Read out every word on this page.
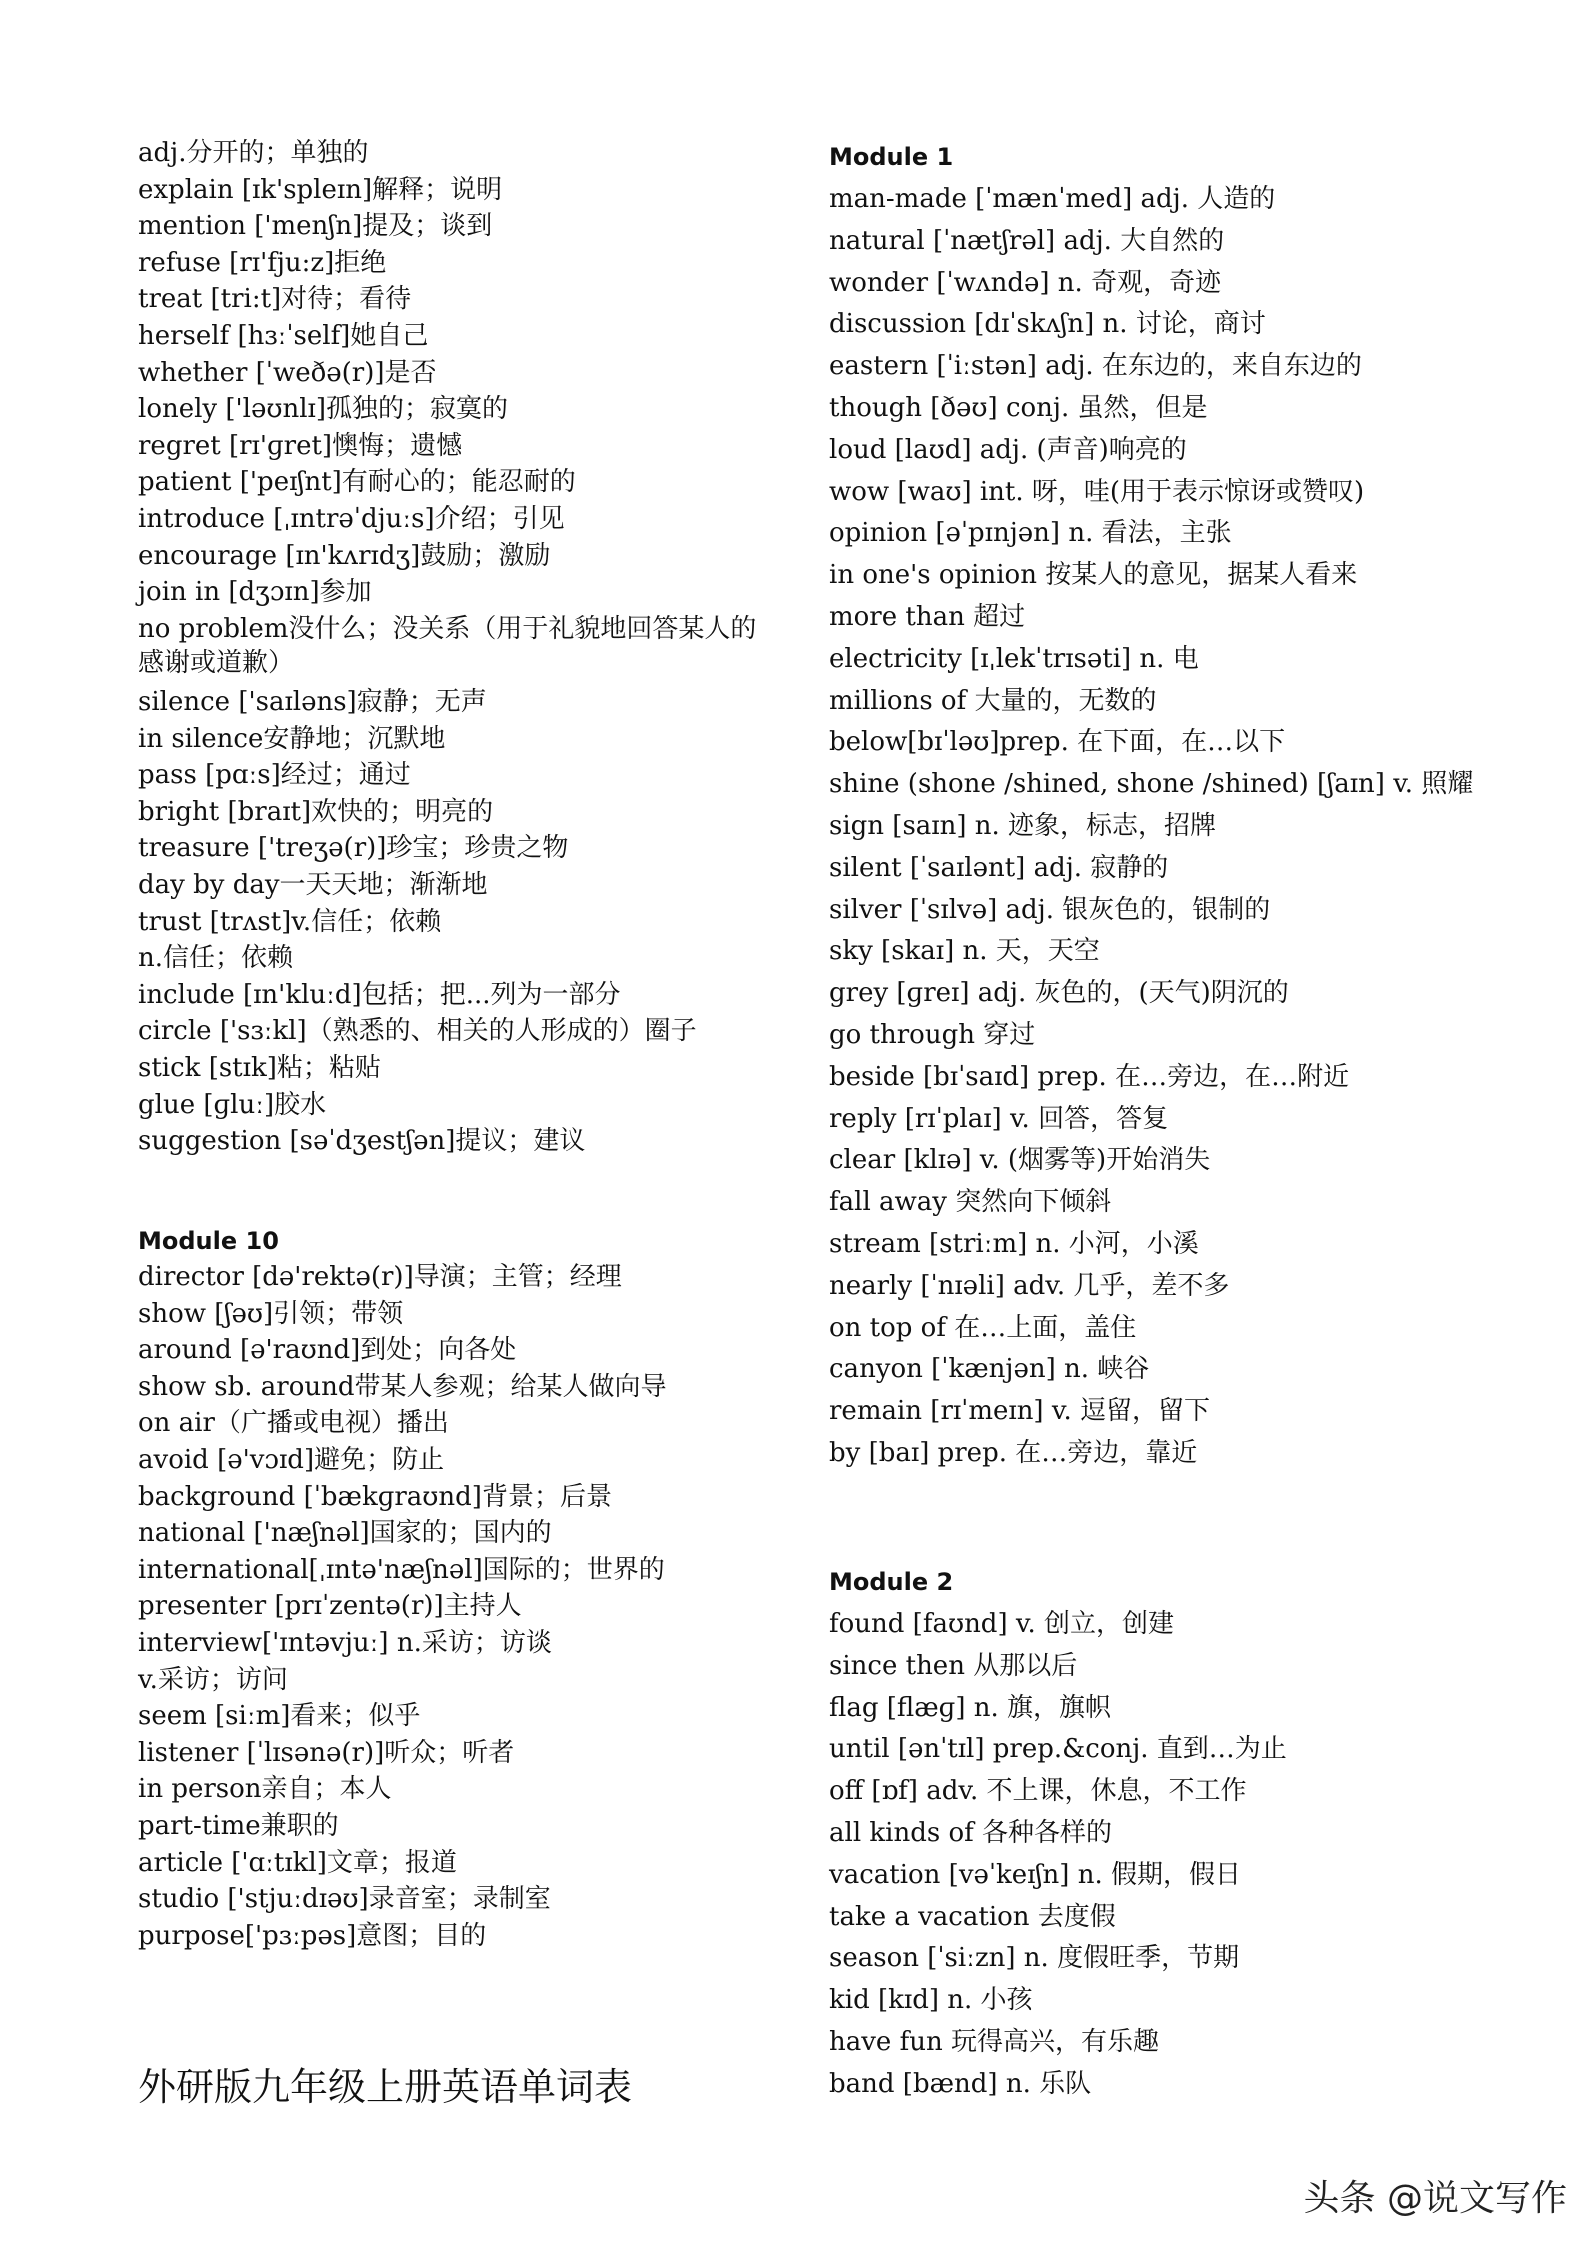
adj.分开的；单独的
explain [ɪk'spleɪn]解释；说明
mention ['menʃn]提及；谈到
refuse [rɪ'fju:z]拒绝
treat [tri:t]对待；看待
herself [hɜːˈself]她自己
whether [ˈweðə(r)]是否
lonely ['ləʊnlɪ]孤独的；寂寞的
regret [rɪ'ɡret]懊悔；遗憾
patient ['peɪʃnt]有耐心的；能忍耐的
introduce [ˌɪntrəˈdjuːs]介绍；引见
encourage [ɪn'kʌrɪdʒ]鼓励；激励
join in [dʒɔɪn]参加
no problem没什么；没关系（用于礼貌地回答某人的感谢或道歉）
silence ['saɪləns]寂静；无声
in silence安静地；沉默地
pass [pɑːs]经过；通过
bright [braɪt]欢快的；明亮的
treasure ['treʒə(r)]珍宝；珍贵之物
day by day一天天地；渐渐地
trust [trʌst]v.信任；依赖
n.信任；依赖
include [ɪn'kluːd]包括；把...列为一部分
circle ['sɜːkl]（熟悉的、相关的人形成的）圈子
stick [stɪk]粘；粘贴
glue [ɡluː]胶水
suggestion [səˈdʒestʃən]提议；建议
Module 10
director [də'rektə(r)]导演；主管；经理
show [ʃəʊ]引领；带领
around [ə'raʊnd]到处；向各处
show sb. around带某人参观；给某人做向导
on air（广播或电视）播出
avoid [ə'vɔɪd]避免；防止
background [ˈbækɡraʊnd]背景；后景
national ['næʃnəl]国家的；国内的
international[ˌɪntə'næʃnəl]国际的；世界的
presenter [prɪˈzentə(r)]主持人
interview['ɪntəvjuː] n.采访；访谈
v.采访；访问
seem [siːm]看来；似乎
listener [ˈlɪsənə(r)]听众；听者
in person亲自；本人
part-time兼职的
article ['ɑːtɪkl]文章；报道
studio ['stjuːdɪəʊ]录音室；录制室
purpose['pɜːpəs]意图；目的
Module 1
man-made [ˈmænˈmed] adj. 人造的
natural [ˈnætʃrəl] adj. 大自然的
wonder [ˈwʌndə] n. 奇观，奇迹
discussion [dɪˈskʌʃn] n. 讨论，商讨
eastern [ˈiːstən] adj. 在东边的，来自东边的
though [ðəʊ] conj. 虽然，但是
loud [laʊd] adj. (声音)响亮的
wow [waʊ] int. 呀，哇(用于表示惊讶或赞叹)
opinion [əˈpɪnjən] n. 看法，主张
in one's opinion 按某人的意见，据某人看来
more than 超过
electricity [ɪˌlekˈtrɪsəti] n. 电
millions of 大量的，无数的
below[bɪˈləʊ]prep. 在下面，在…以下
shine (shone /shined, shone /shined) [ʃaɪn] v. 照耀
sign [saɪn] n. 迹象，标志，招牌
silent [ˈsaɪlənt] adj. 寂静的
silver [ˈsɪlvə] adj. 银灰色的，银制的
sky [skaɪ] n. 天，天空
grey [ɡreɪ] adj. 灰色的，(天气)阴沉的
go through 穿过
beside [bɪˈsaɪd] prep. 在…旁边，在…附近
reply [rɪˈplaɪ] v. 回答，答复
clear [klɪə] v. (烟雾等)开始消失
fall away 突然向下倾斜
stream [striːm] n. 小河，小溪
nearly [ˈnɪəli] adv. 几乎，差不多
on top of 在…上面，盖住
canyon [ˈkænjən] n. 峡谷
remain [rɪˈmeɪn] v. 逗留，留下
by [baɪ] prep. 在…旁边，靠近
Module 2
found [faʊnd] v. 创立，创建
since then 从那以后
flag [flæɡ] n. 旗，旗帜
until [ənˈtɪl] prep.&conj. 直到…为止
off [ɒf] adv. 不上课，休息，不工作
all kinds of 各种各样的
vacation [vəˈkeɪʃn] n. 假期，假日
take a vacation 去度假
season [ˈsiːzn] n. 度假旺季，节期
kid [kɪd] n. 小孩
have fun 玩得高兴，有乐趣
band [bænd] n. 乐队
外研版九年级上册英语单词表
头条 @说文写作
